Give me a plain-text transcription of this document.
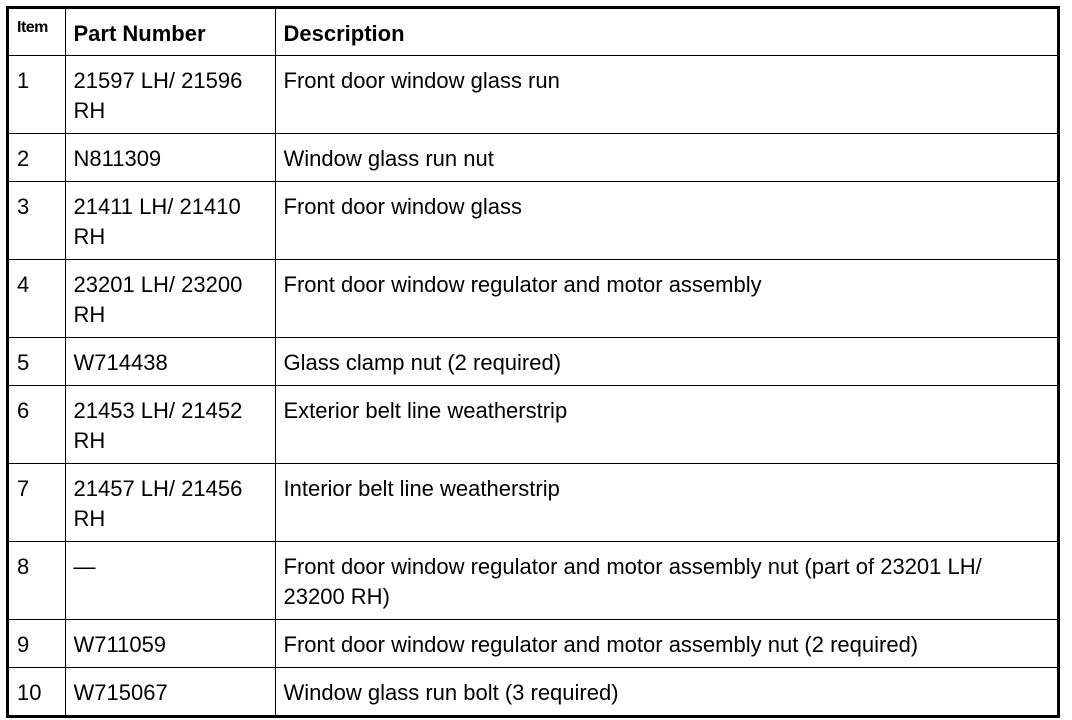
Item	Part Number	Description
1	21597 LH/ 21596 RH	Front door window glass run
2	N811309	Window glass run nut
3	21411 LH/ 21410 RH	Front door window glass
4	23201 LH/ 23200 RH	Front door window regulator and motor assembly
5	W714438	Glass clamp nut (2 required)
6	21453 LH/ 21452 RH	Exterior belt line weatherstrip
7	21457 LH/ 21456 RH	Interior belt line weatherstrip
8	—	Front door window regulator and motor assembly nut (part of 23201 LH/ 23200 RH)
9	W711059	Front door window regulator and motor assembly nut (2 required)
10	W715067	Window glass run bolt (3 required)
